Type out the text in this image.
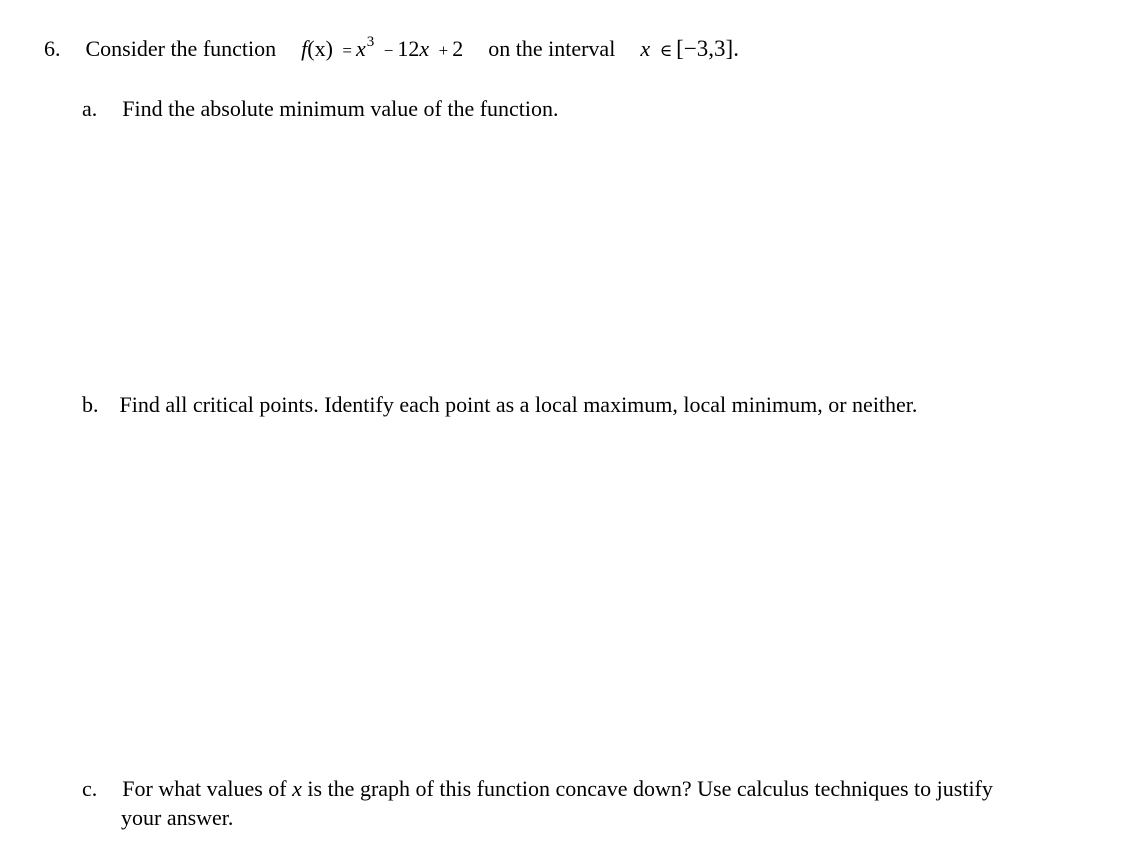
6. Consider the function $f(x) = x^3 - 12x + 2$ on the interval x ∈ [−3,3].
a. Find the absolute minimum value of the function.
b. Find all critical points. Identify each point as a local maximum, local minimum, or neither.
c. For what values of x is the graph of this function concave down? Use calculus techniques to justify
your answer.
